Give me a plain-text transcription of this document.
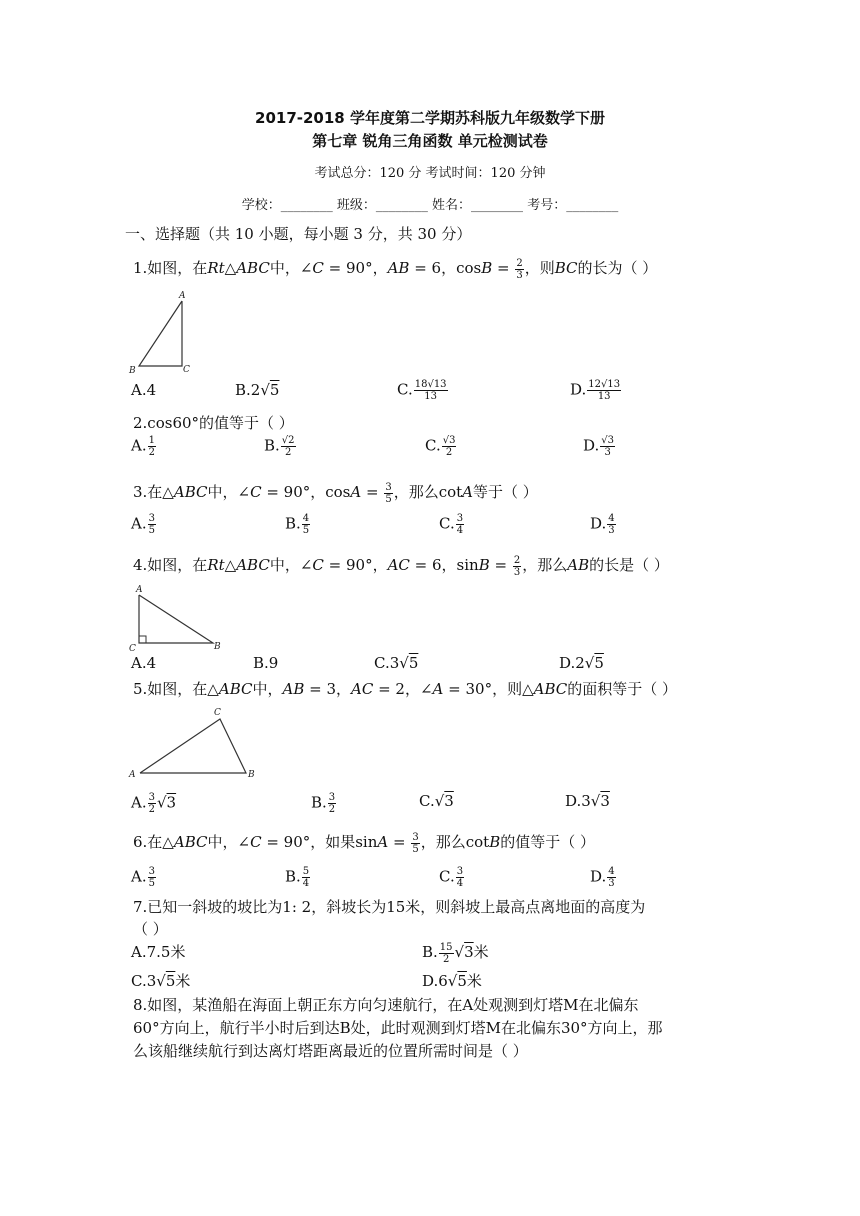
2017-2018 学年度第二学期苏科版九年级数学下册
第七章 锐角三角函数 单元检测试卷
考试总分：120 分 考试时间：120 分钟
学校：________ 班级：________ 姓名：________ 考号：________
一、选择题（共 10 小题，每小题 3 分，共 30 分）
1.如图，在Rt△ABC中，∠C = 90°，AB = 6，$\cos B = \frac{2}{3}$ ，则BC的长为（ ）
A
B	C
A.4	B.2√5	C. $\frac{18√13}{13}$	D. $\frac{12√13}{13}$
2.cos60°的值等于（ ）
A. $\frac{1}{2}$	B. $\frac{√2}{2}$	C. $\frac{√3}{2}$	D. $\frac{√3}{3}$
3.在△ABC中，∠C = 90°，$\cos A = \frac{3}{5}$ ，那么cotA等于（ ）
A. $\frac{3}{5}$	B. $\frac{4}{5}$	C. $\frac{3}{4}$	D. $\frac{4}{3}$
4.如图，在Rt△ABC中，∠C = 90°，AC = 6，$\sin B = \frac{2}{3}$ ，那么AB的长是（ ）
A
C	B
A.4	B.9	C.3√5	D.2√5
5.如图，在△ABC中，AB = 3，AC = 2，∠A = 30°，则△ABC的面积等于（ ）
C
A	B
A. $\frac{3}{2} √3$	B. $\frac{3}{2}$	C.√3	D.3√3
6.在△ABC中，∠C = 90°，如果$\sin A = \frac{3}{5}$ ，那么cotB的值等于（ ）
A. $\frac{3}{5}$	B. $\frac{5}{4}$	C. $\frac{3}{4}$	D. $\frac{4}{3}$
7.已知一斜坡的坡比为1: 2，斜坡长为15米，则斜坡上最高点离地面的高度为
（ ）
A.7.5米	B. $\frac{15}{2} √3$米
C.3√5米	D.6√5米
8.如图，某渔船在海面上朝正东方向匀速航行，在A处观测到灯塔M在北偏东
60°方向上，航行半小时后到达B处，此时观测到灯塔M在北偏东30°方向上，那
么该船继续航行到达离灯塔距离最近的位置所需时间是（ ）
